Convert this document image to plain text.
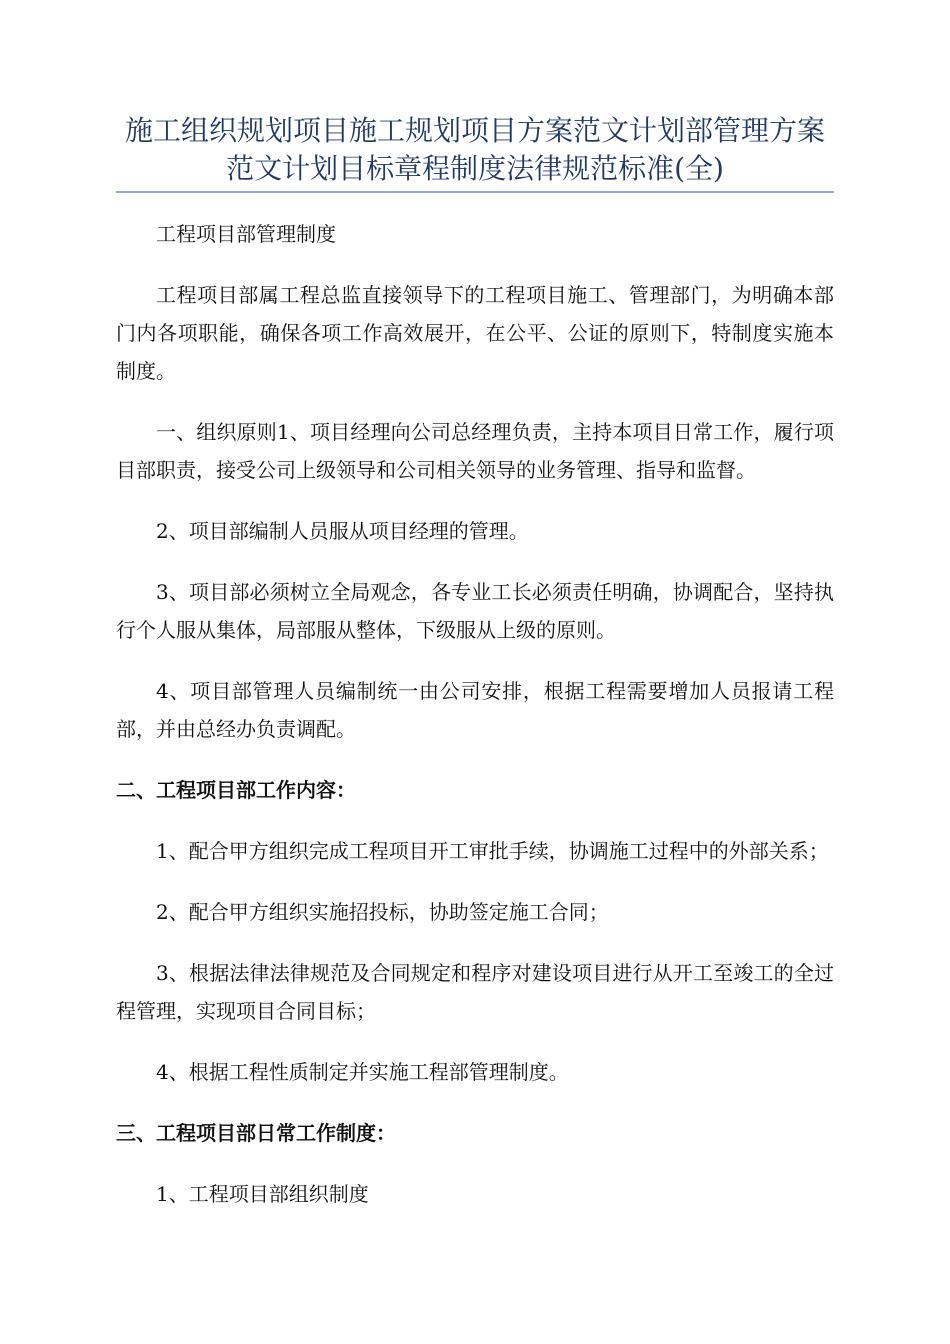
施工组织规划项目施工规划项目方案范文计划部管理方案范文计划目标章程制度法律规范标准(全)

工程项目部管理制度

工程项目部属工程总监直接领导下的工程项目施工、管理部门，为明确本部门内各项职能，确保各项工作高效展开，在公平、公证的原则下，特制度实施本制度。

一、组织原则1、项目经理向公司总经理负责，主持本项目日常工作，履行项目部职责，接受公司上级领导和公司相关领导的业务管理、指导和监督。

2、项目部编制人员服从项目经理的管理。

3、项目部必须树立全局观念，各专业工长必须责任明确，协调配合，坚持执行个人服从集体，局部服从整体，下级服从上级的原则。

4、项目部管理人员编制统一由公司安排，根据工程需要增加人员报请工程部，并由总经办负责调配。

二、工程项目部工作内容：

1、配合甲方组织完成工程项目开工审批手续，协调施工过程中的外部关系；

2、配合甲方组织实施招投标，协助签定施工合同；

3、根据法律法律规范及合同规定和程序对建设项目进行从开工至竣工的全过程管理，实现项目合同目标；

4、根据工程性质制定并实施工程部管理制度。

三、工程项目部日常工作制度：

1、工程项目部组织制度
